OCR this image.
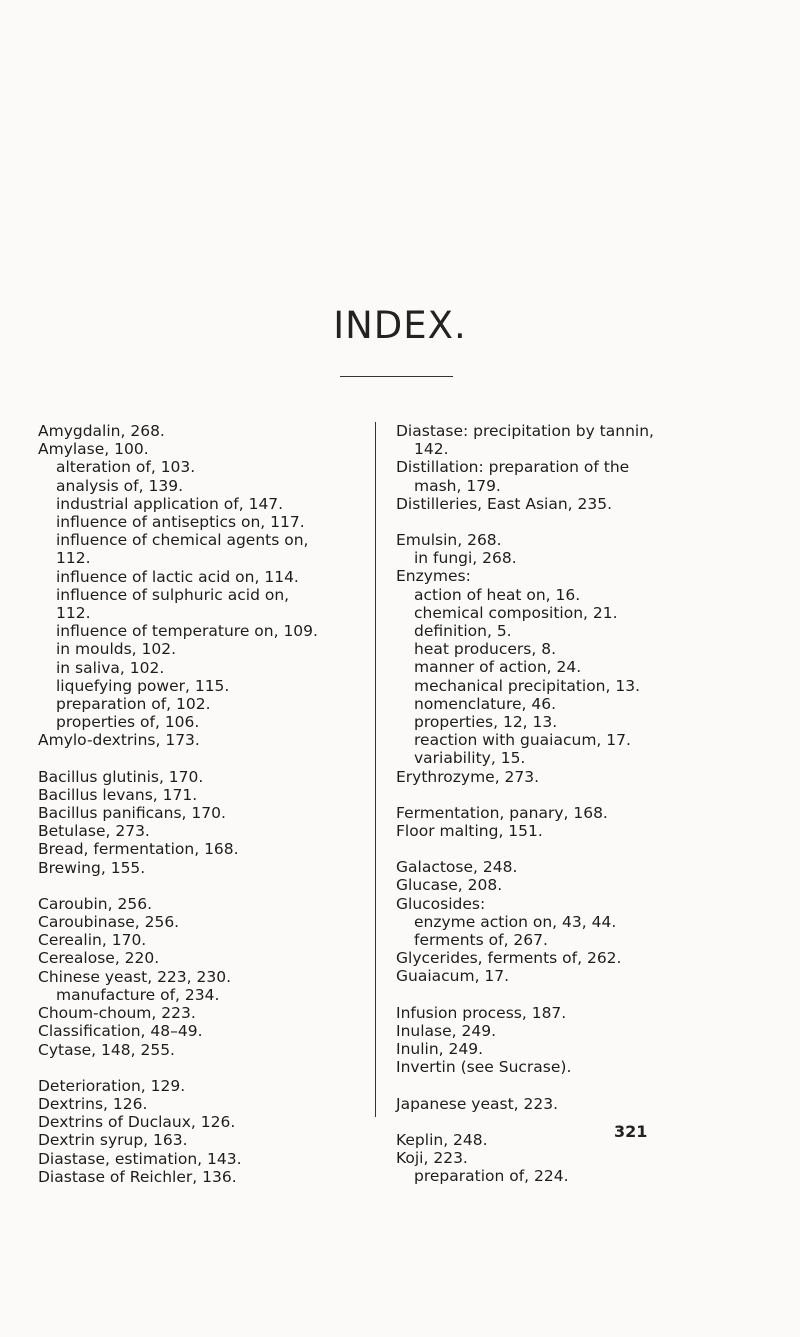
INDEX.
Amygdalin, 268.
Amylase, 100.
alteration of, 103.
analysis of, 139.
industrial application of, 147.
influence of antiseptics on, 117.
influence of chemical agents on,
112.
influence of lactic acid on, 114.
influence of sulphuric acid on,
112.
influence of temperature on, 109.
in moulds, 102.
in saliva, 102.
liquefying power, 115.
preparation of, 102.
properties of, 106.
Amylo-dextrins, 173.
Bacillus glutinis, 170.
Bacillus levans, 171.
Bacillus panificans, 170.
Betulase, 273.
Bread, fermentation, 168.
Brewing, 155.
Caroubin, 256.
Caroubinase, 256.
Cerealin, 170.
Cerealose, 220.
Chinese yeast, 223, 230.
manufacture of, 234.
Choum-choum, 223.
Classification, 48–49.
Cytase, 148, 255.
Deterioration, 129.
Dextrins, 126.
Dextrins of Duclaux, 126.
Dextrin syrup, 163.
Diastase, estimation, 143.
Diastase of Reichler, 136.
Diastase: precipitation by tannin,
142.
Distillation: preparation of the
mash, 179.
Distilleries, East Asian, 235.
Emulsin, 268.
in fungi, 268.
Enzymes:
action of heat on, 16.
chemical composition, 21.
definition, 5.
heat producers, 8.
manner of action, 24.
mechanical precipitation, 13.
nomenclature, 46.
properties, 12, 13.
reaction with guaiacum, 17.
variability, 15.
Erythrozyme, 273.
Fermentation, panary, 168.
Floor malting, 151.
Galactose, 248.
Glucase, 208.
Glucosides:
enzyme action on, 43, 44.
ferments of, 267.
Glycerides, ferments of, 262.
Guaiacum, 17.
Infusion process, 187.
Inulase, 249.
Inulin, 249.
Invertin (see Sucrase).
Japanese yeast, 223.
Keplin, 248.
Koji, 223.
preparation of, 224.
321
